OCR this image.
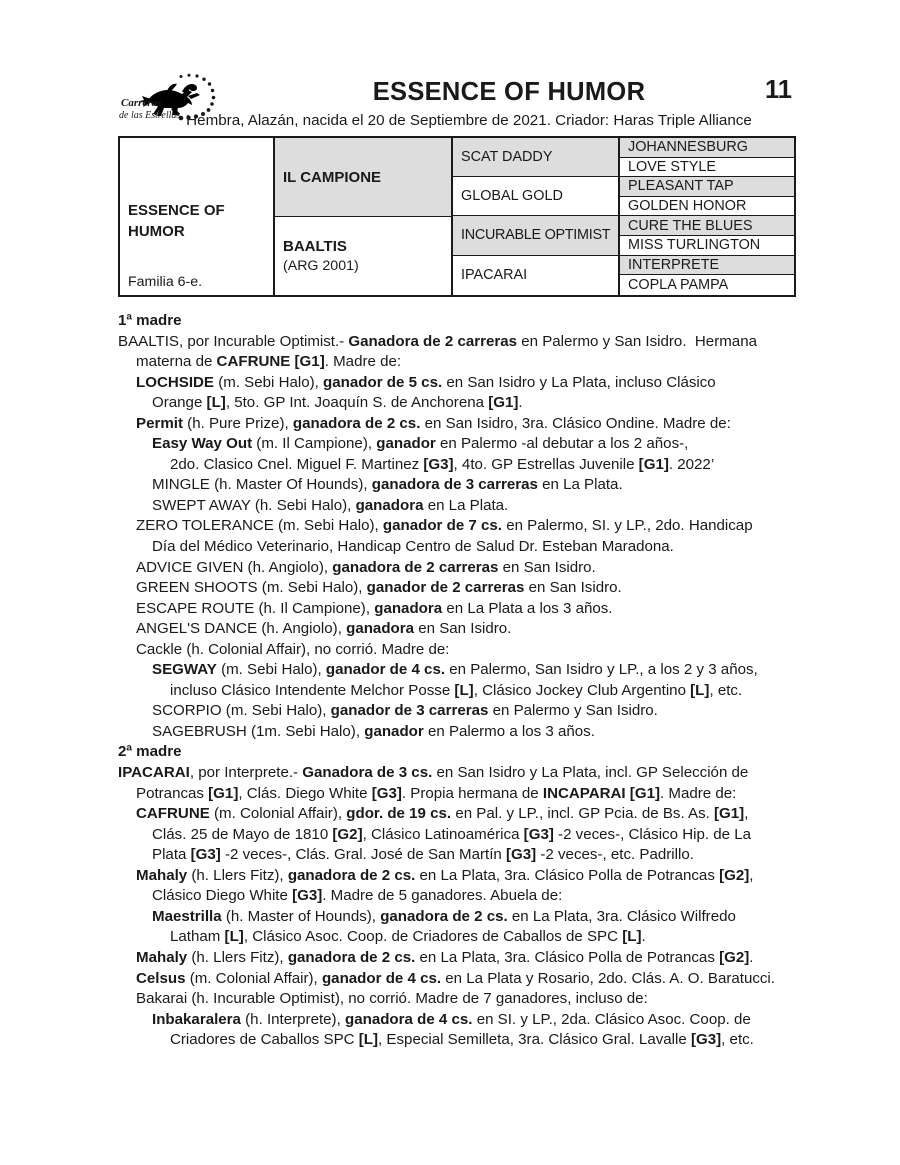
Carreras
de las Estrellas
ESSENCE OF HUMOR	11
Hembra, Alazán, nacida el 20 de Septiembre de 2021. Criador: Haras Triple Alliance
ESSENCE OF
HUMOR
Familia 6-e.
IL CAMPIONE
BAALTIS
(ARG 2001)
SCAT DADDY
GLOBAL GOLD
INCURABLE OPTIMIST
IPACARAI
JOHANNESBURG
LOVE STYLE
PLEASANT TAP
GOLDEN HONOR
CURE THE BLUES
MISS TURLINGTON
INTERPRETE
COPLA PAMPA
1ª madre
BAALTIS, por Incurable Optimist.- Ganadora de 2 carreras en Palermo y San Isidro.  Hermana
materna de CAFRUNE [G1]. Madre de:
LOCHSIDE (m. Sebi Halo), ganador de 5 cs. en San Isidro y La Plata, incluso Clásico
Orange [L], 5to. GP Int. Joaquín S. de Anchorena [G1].
Permit (h. Pure Prize), ganadora de 2 cs. en San Isidro, 3ra. Clásico Ondine. Madre de:
Easy Way Out (m. Il Campione), ganador en Palermo -al debutar a los 2 años-,
2do. Clasico Cnel. Miguel F. Martinez [G3], 4to. GP Estrellas Juvenile [G1]. 2022’
MINGLE (h. Master Of Hounds), ganadora de 3 carreras en La Plata.
SWEPT AWAY (h. Sebi Halo), ganadora en La Plata.
ZERO TOLERANCE (m. Sebi Halo), ganador de 7 cs. en Palermo, SI. y LP., 2do. Handicap
Día del Médico Veterinario, Handicap Centro de Salud Dr. Esteban Maradona.
ADVICE GIVEN (h. Angiolo), ganadora de 2 carreras en San Isidro.
GREEN SHOOTS (m. Sebi Halo), ganador de 2 carreras en San Isidro.
ESCAPE ROUTE (h. Il Campione), ganadora en La Plata a los 3 años.
ANGEL'S DANCE (h. Angiolo), ganadora en San Isidro.
Cackle (h. Colonial Affair), no corrió. Madre de:
SEGWAY (m. Sebi Halo), ganador de 4 cs. en Palermo, San Isidro y LP., a los 2 y 3 años,
incluso Clásico Intendente Melchor Posse [L], Clásico Jockey Club Argentino [L], etc.
SCORPIO (m. Sebi Halo), ganador de 3 carreras en Palermo y San Isidro.
SAGEBRUSH (1m. Sebi Halo), ganador en Palermo a los 3 años.
2ª madre
IPACARAI, por Interprete.- Ganadora de 3 cs. en San Isidro y La Plata, incl. GP Selección de
Potrancas [G1], Clás. Diego White [G3]. Propia hermana de INCAPARAI [G1]. Madre de:
CAFRUNE (m. Colonial Affair), gdor. de 19 cs. en Pal. y LP., incl. GP Pcia. de Bs. As. [G1],
Clás. 25 de Mayo de 1810 [G2], Clásico Latinoamérica [G3] -2 veces-, Clásico Hip. de La
Plata [G3] -2 veces-, Clás. Gral. José de San Martín [G3] -2 veces-, etc. Padrillo.
Mahaly (h. Llers Fitz), ganadora de 2 cs. en La Plata, 3ra. Clásico Polla de Potrancas [G2],
Clásico Diego White [G3]. Madre de 5 ganadores. Abuela de:
Maestrilla (h. Master of Hounds), ganadora de 2 cs. en La Plata, 3ra. Clásico Wilfredo
Latham [L], Clásico Asoc. Coop. de Criadores de Caballos de SPC [L].
Mahaly (h. Llers Fitz), ganadora de 2 cs. en La Plata, 3ra. Clásico Polla de Potrancas [G2].
Celsus (m. Colonial Affair), ganador de 4 cs. en La Plata y Rosario, 2do. Clás. A. O. Baratucci.
Bakarai (h. Incurable Optimist), no corrió. Madre de 7 ganadores, incluso de:
Inbakaralera (h. Interprete), ganadora de 4 cs. en SI. y LP., 2da. Clásico Asoc. Coop. de
Criadores de Caballos SPC [L], Especial Semilleta, 3ra. Clásico Gral. Lavalle [G3], etc.
